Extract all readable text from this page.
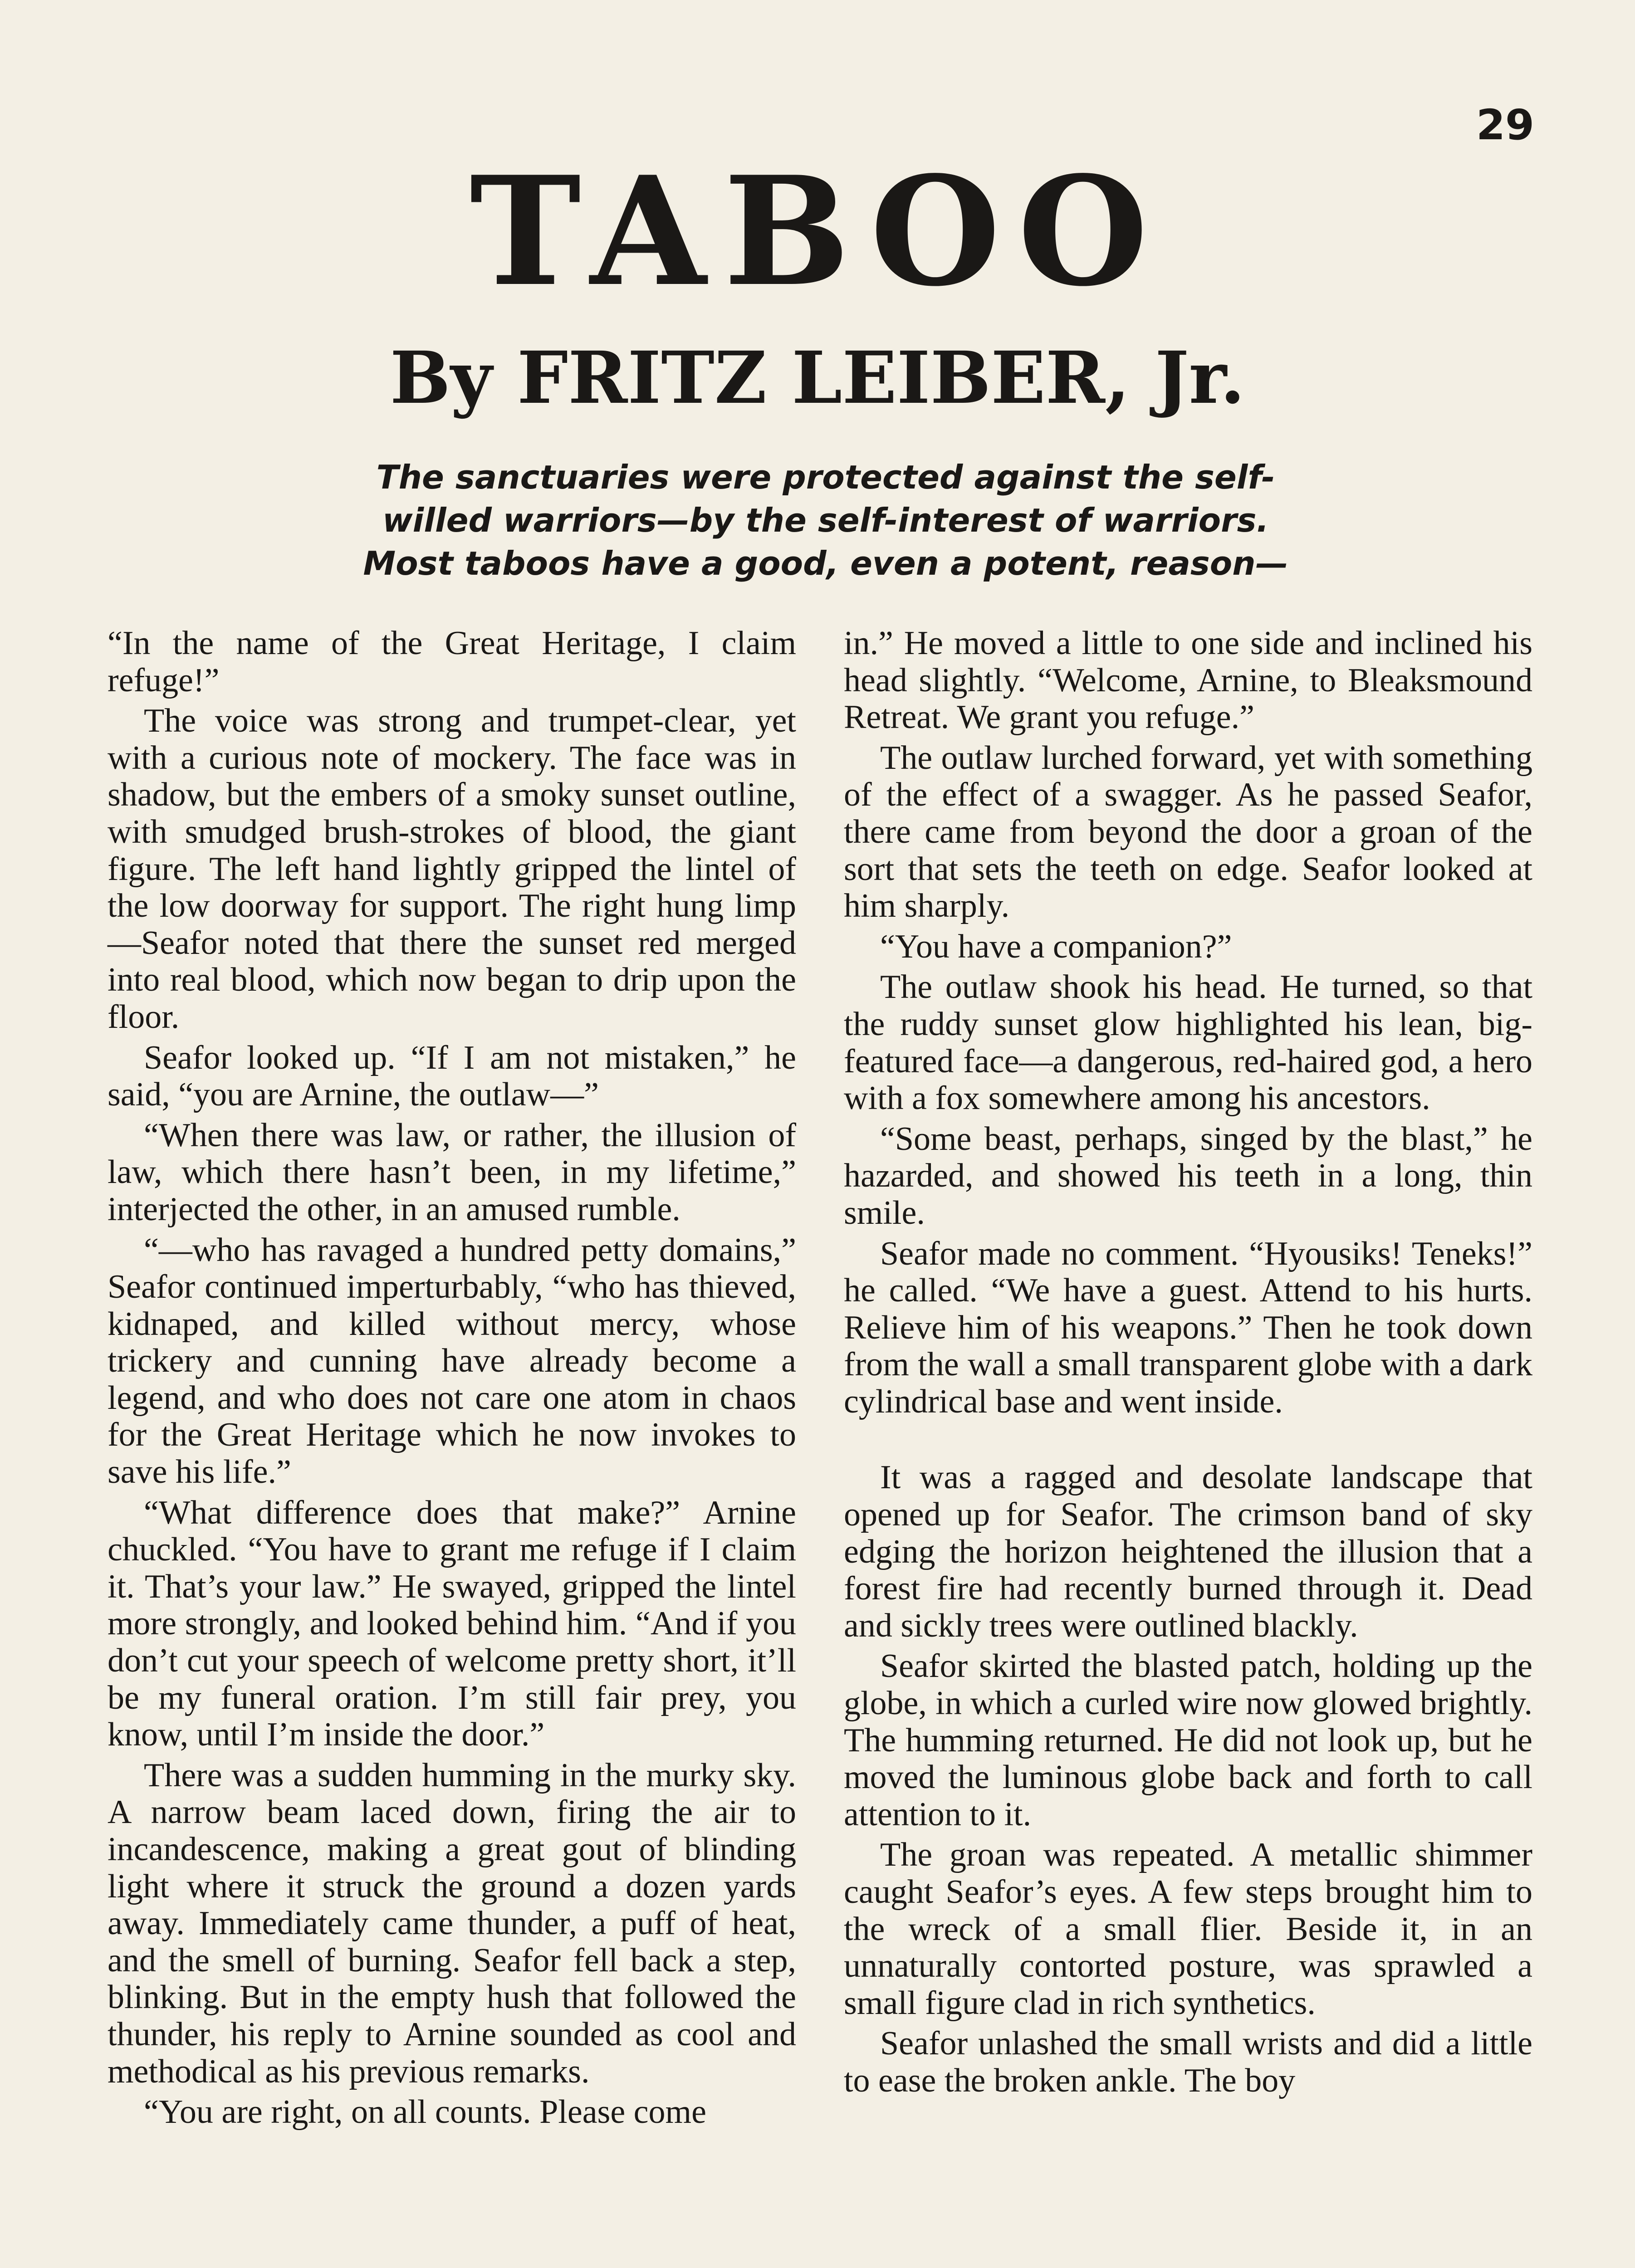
29
TABOO
By FRITZ LEIBER, Jr.
The sanctuaries were protected against the self-
willed warriors—by the self-interest of warriors.
Most taboos have a good, even a potent, reason—

“In the name of the Great Heritage, I claim refuge!”

The voice was strong and trumpet-clear, yet with a curious note of mockery. The face was in shadow, but the embers of a smoky sunset outline, with smudged brush-strokes of blood, the giant figure. The left hand lightly gripped the lintel of the low doorway for support. The right hung limp—Seafor noted that there the sunset red merged into real blood, which now began to drip upon the floor.

Seafor looked up. “If I am not mistaken,” he said, “you are Arnine, the outlaw—”

“When there was law, or rather, the illusion of law, which there hasn’t been, in my lifetime,” interjected the other, in an amused rumble.

“—who has ravaged a hundred petty domains,” Seafor continued imperturbably, “who has thieved, kidnaped, and killed without mercy, whose trickery and cunning have already become a legend, and who does not care one atom in chaos for the Great Heritage which he now invokes to save his life.”

“What difference does that make?” Arnine chuckled. “You have to grant me refuge if I claim it. That’s your law.” He swayed, gripped the lintel more strongly, and looked behind him. “And if you don’t cut your speech of welcome pretty short, it’ll be my funeral oration. I’m still fair prey, you know, until I’m inside the door.”

There was a sudden humming in the murky sky. A narrow beam laced down, firing the air to incandescence, making a great gout of blinding light where it struck the ground a dozen yards away. Immediately came thunder, a puff of heat, and the smell of burning. Seafor fell back a step, blinking. But in the empty hush that followed the thunder, his reply to Arnine sounded as cool and methodical as his previous remarks.

“You are right, on all counts. Please come

in.” He moved a little to one side and inclined his head slightly. “Welcome, Arnine, to Bleaksmound Retreat. We grant you refuge.”

The outlaw lurched forward, yet with something of the effect of a swagger. As he passed Seafor, there came from beyond the door a groan of the sort that sets the teeth on edge. Seafor looked at him sharply.

“You have a companion?”

The outlaw shook his head. He turned, so that the ruddy sunset glow highlighted his lean, big-featured face—a dangerous, red-haired god, a hero with a fox somewhere among his ancestors.

“Some beast, perhaps, singed by the blast,” he hazarded, and showed his teeth in a long, thin smile.

Seafor made no comment. “Hyousiks! Teneks!” he called. “We have a guest. Attend to his hurts. Relieve him of his weapons.” Then he took down from the wall a small transparent globe with a dark cylindrical base and went inside.

It was a ragged and desolate landscape that opened up for Seafor. The crimson band of sky edging the horizon heightened the illusion that a forest fire had recently burned through it. Dead and sickly trees were outlined blackly.

Seafor skirted the blasted patch, holding up the globe, in which a curled wire now glowed brightly. The humming returned. He did not look up, but he moved the luminous globe back and forth to call attention to it.

The groan was repeated. A metallic shimmer caught Seafor’s eyes. A few steps brought him to the wreck of a small flier. Beside it, in an unnaturally contorted posture, was sprawled a small figure clad in rich synthetics.

Seafor unlashed the small wrists and did a little to ease the broken ankle. The boy
